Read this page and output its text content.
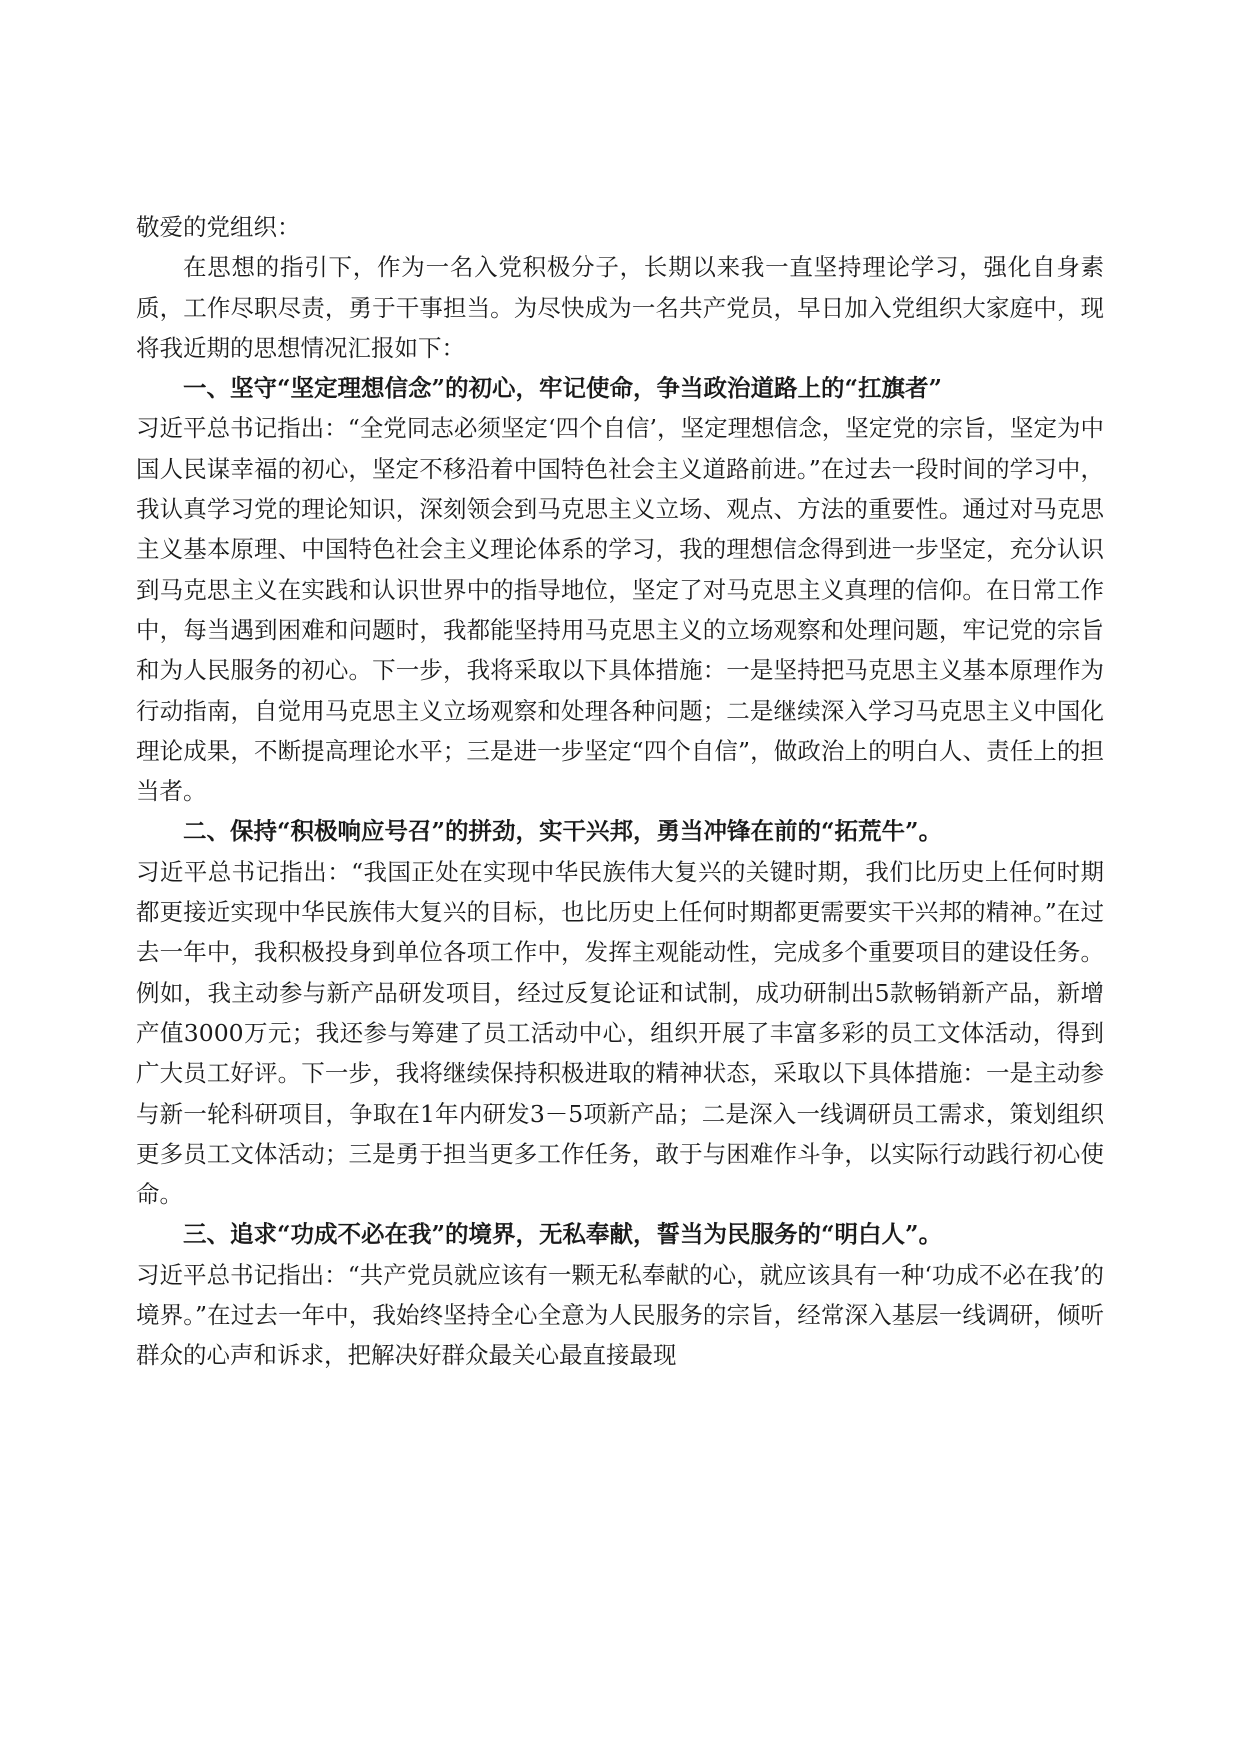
敬爱的党组织：

在思想的指引下，作为一名入党积极分子，长期以来我一直坚持理论学习，强化自身素质，工作尽职尽责，勇于干事担当。为尽快成为一名共产党员，早日加入党组织大家庭中，现将我近期的思想情况汇报如下：

一、坚守“坚定理想信念”的初心，牢记使命，争当政治道路上的“扛旗者”

习近平总书记指出：“全党同志必须坚定‘四个自信’，坚定理想信念，坚定党的宗旨，坚定为中国人民谋幸福的初心，坚定不移沿着中国特色社会主义道路前进。”在过去一段时间的学习中，我认真学习党的理论知识，深刻领会到马克思主义立场、观点、方法的重要性。通过对马克思主义基本原理、中国特色社会主义理论体系的学习，我的理想信念得到进一步坚定，充分认识到马克思主义在实践和认识世界中的指导地位，坚定了对马克思主义真理的信仰。在日常工作中，每当遇到困难和问题时，我都能坚持用马克思主义的立场观察和处理问题，牢记党的宗旨和为人民服务的初心。下一步，我将采取以下具体措施：一是坚持把马克思主义基本原理作为行动指南，自觉用马克思主义立场观察和处理各种问题；二是继续深入学习马克思主义中国化理论成果，不断提高理论水平；三是进一步坚定“四个自信”，做政治上的明白人、责任上的担当者。

二、保持“积极响应号召”的拼劲，实干兴邦，勇当冲锋在前的“拓荒牛”。

习近平总书记指出：“我国正处在实现中华民族伟大复兴的关键时期，我们比历史上任何时期都更接近实现中华民族伟大复兴的目标，也比历史上任何时期都更需要实干兴邦的精神。”在过去一年中，我积极投身到单位各项工作中，发挥主观能动性，完成多个重要项目的建设任务。例如，我主动参与新产品研发项目，经过反复论证和试制，成功研制出5款畅销新产品，新增产值3000万元；我还参与筹建了员工活动中心，组织开展了丰富多彩的员工文体活动，得到广大员工好评。下一步，我将继续保持积极进取的精神状态，采取以下具体措施：一是主动参与新一轮科研项目，争取在1年内研发3－5项新产品；二是深入一线调研员工需求，策划组织更多员工文体活动；三是勇于担当更多工作任务，敢于与困难作斗争，以实际行动践行初心使命。

三、追求“功成不必在我”的境界，无私奉献，誓当为民服务的“明白人”。

习近平总书记指出：“共产党员就应该有一颗无私奉献的心，就应该具有一种‘功成不必在我’的境界。”在过去一年中，我始终坚持全心全意为人民服务的宗旨，经常深入基层一线调研，倾听群众的心声和诉求，把解决好群众最关心最直接最现
